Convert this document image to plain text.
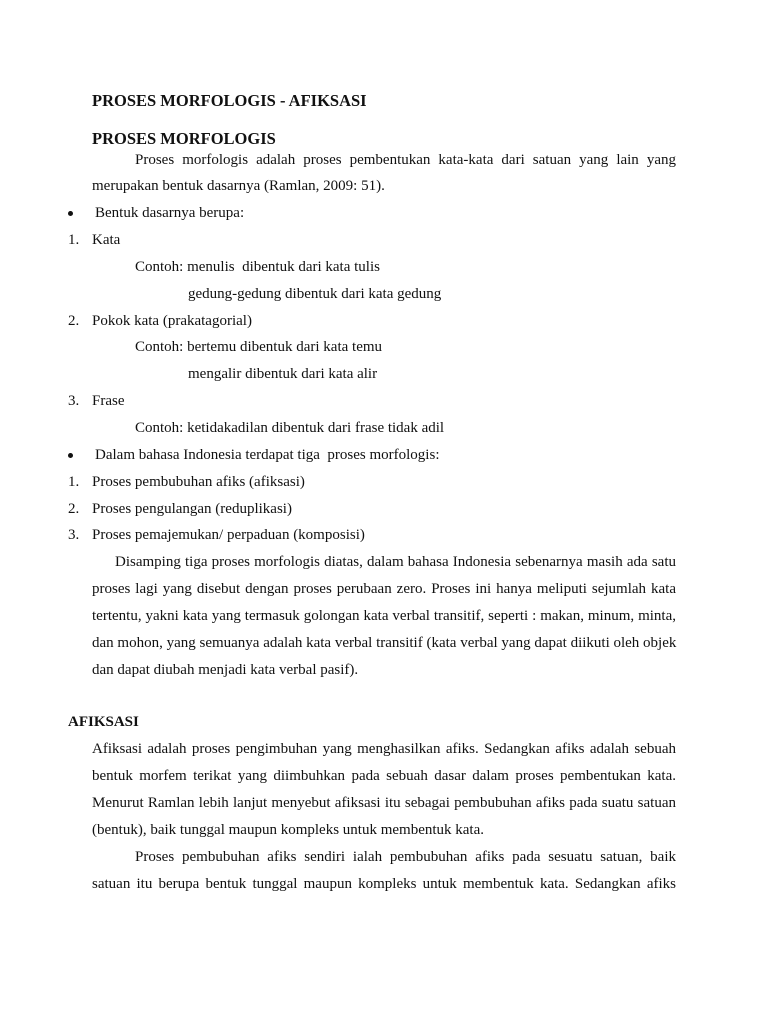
PROSES MORFOLOGIS - AFIKSASI
PROSES MORFOLOGIS
Proses morfologis adalah proses pembentukan kata-kata dari satuan yang lain yang
merupakan bentuk dasarnya (Ramlan, 2009: 51).
Bentuk dasarnya berupa:
1. Kata
Contoh: menulis  dibentuk dari kata tulis
gedung-gedung dibentuk dari kata gedung
2. Pokok kata (prakatagorial)
Contoh: bertemu dibentuk dari kata temu
mengalir dibentuk dari kata alir
3. Frase
Contoh: ketidakadilan dibentuk dari frase tidak adil
Dalam bahasa Indonesia terdapat tiga  proses morfologis:
1. Proses pembubuhan afiks (afiksasi)
2. Proses pengulangan (reduplikasi)
3. Proses pemajemukan/ perpaduan (komposisi)
Disamping tiga proses morfologis diatas, dalam bahasa Indonesia sebenarnya masih ada satu
proses lagi yang disebut dengan proses perubaan zero. Proses ini hanya meliputi sejumlah kata
tertentu, yakni kata yang termasuk golongan kata verbal transitif, seperti : makan, minum, minta,
dan mohon, yang semuanya adalah kata verbal transitif (kata verbal yang dapat diikuti oleh objek
dan dapat diubah menjadi kata verbal pasif).
AFIKSASI
Afiksasi adalah proses pengimbuhan yang menghasilkan afiks. Sedangkan afiks adalah sebuah
bentuk morfem terikat yang diimbuhkan pada sebuah dasar dalam proses pembentukan kata.
Menurut Ramlan lebih lanjut menyebut afiksasi itu sebagai pembubuhan afiks pada suatu satuan
(bentuk), baik tunggal maupun kompleks untuk membentuk kata.
Proses pembubuhan afiks sendiri ialah pembubuhan afiks pada sesuatu satuan, baik
satuan itu berupa bentuk tunggal maupun kompleks untuk membentuk kata. Sedangkan afiks
